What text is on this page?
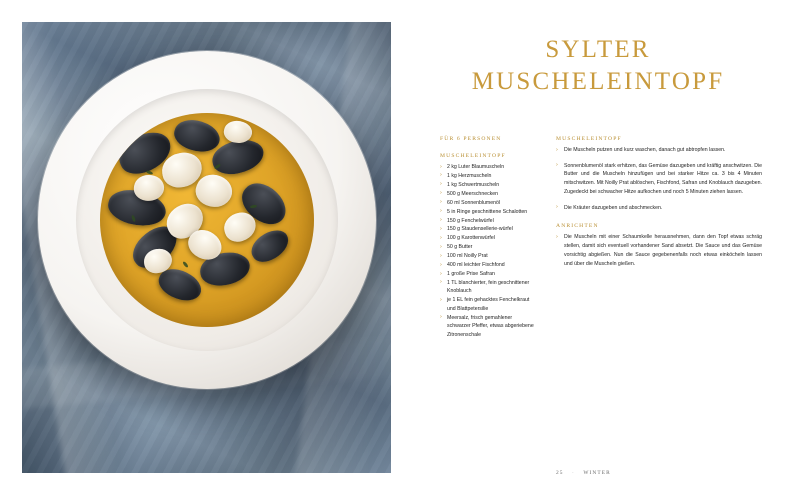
SYLTER
MUSCHELEINTOPF
FÜR 6 PERSONEN
MUSCHELEINTOPF
› 2 kg Luter Blaumuscheln
› 1 kg Herzmuscheln
› 1 kg Schwertmuscheln
› 500 g Meerschnecken
› 60 ml Sonnenblumenöl
› 5 in Ringe geschnittene Schalotten
› 150 g Fenchelwürfel
› 150 g Staudensellerie-würfel
› 100 g Karottenwürfel
› 50 g Butter
› 100 ml Noilly Prat
› 400 ml leichter Fischfond
› 1 große Prise Safran
› 1 TL blanchierter, fein geschnittener Knoblauch
› je 1 EL fein gehacktes Fenchelkraut und Blattpetersilie
› Meersalz, frisch gemahlener schwarzer Pfeffer, etwas abgeriebene Zitronenschale
MUSCHELEINTOPF
› Die Muscheln putzen und kurz waschen, danach gut abtropfen lassen.
› Sonnenblumenöl stark erhitzen, das Gemüse dazugeben und kräftig anschwitzen. Die Butter und die Muscheln hinzufügen und bei starker Hitze ca. 3 bis 4 Minuten mitschwitzen. Mit Noilly Prat ablöschen, Fischfond, Safran und Knoblauch dazugeben. Zugedeckt bei schwacher Hitze aufkochen und noch 5 Minuten ziehen lassen.
› Die Kräuter dazugeben und abschmecken.
ANRICHTEN
› Die Muscheln mit einer Schaumkelle herausnehmen, dann den Topf etwas schräg stellen, damit sich eventuell vorhandener Sand absetzt. Die Sauce und das Gemüse vorsichtig abgießen. Nun die Sauce gegebenenfalls noch etwas einköcheln lassen und über die Muscheln gießen.
25 · WINTER
